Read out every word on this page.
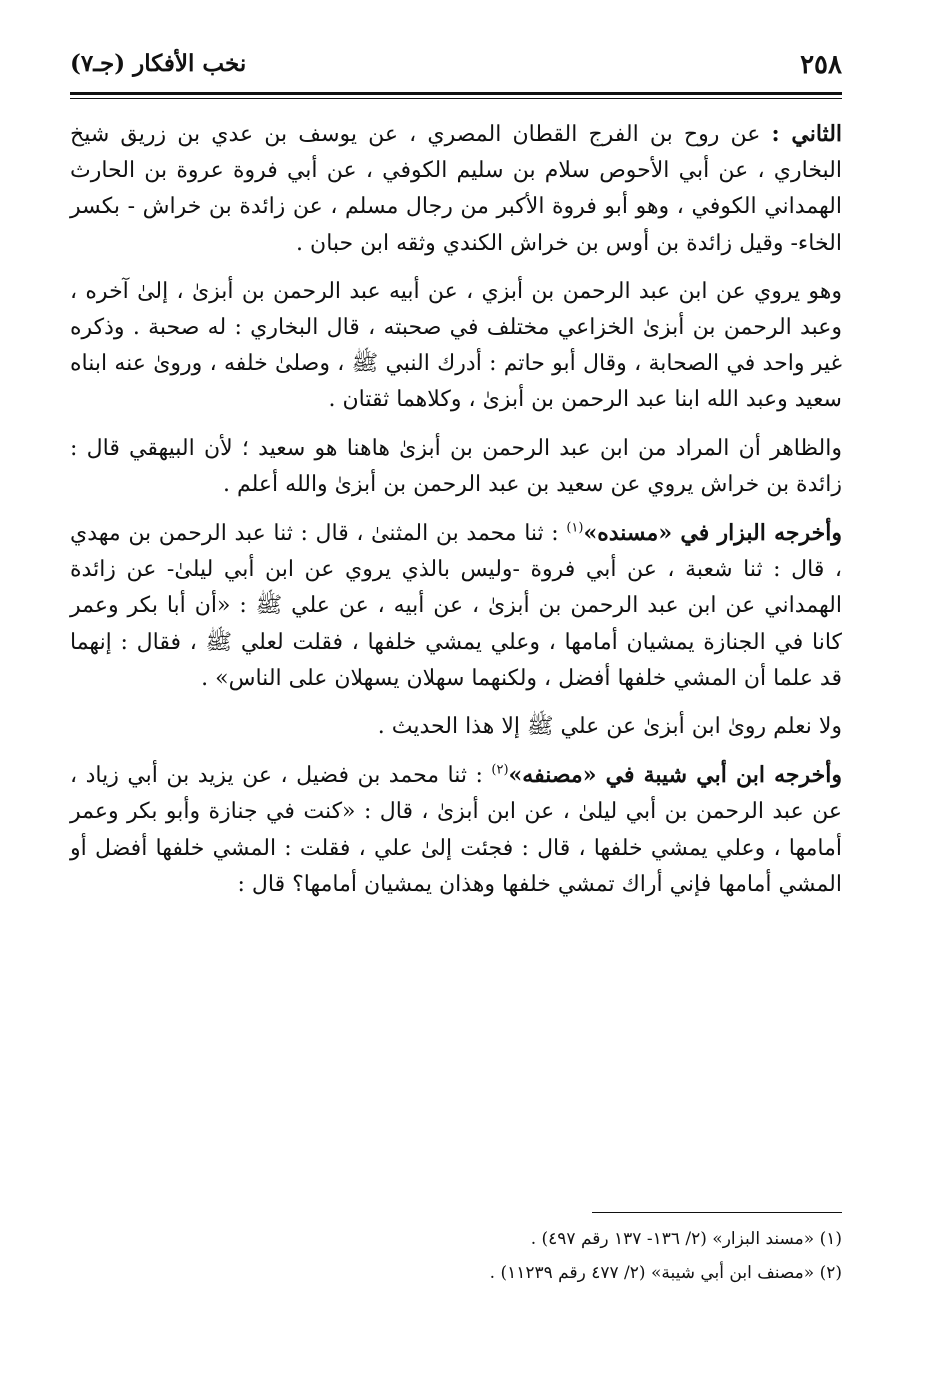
٢٥٨
نخب الأفكار (جـ٧)

الثاني : عن روح بن الفرج القطان المصري ، عن يوسف بن عدي بن زريق شيخ البخاري ، عن أبي الأحوص سلام بن سليم الكوفي ، عن أبي فروة عروة بن الحارث الهمداني الكوفي ، وهو أبو فروة الأكبر من رجال مسلم ، عن زائدة بن خراش - بكسر الخاء- وقيل زائدة بن أوس بن خراش الكندي وثقه ابن حبان .

وهو يروي عن ابن عبد الرحمن بن أبزي ، عن أبيه عبد الرحمن بن أبزىٰ ، إلىٰ آخره ، وعبد الرحمن بن أبزىٰ الخزاعي مختلف في صحبته ، قال البخاري : له صحبة . وذكره غير واحد في الصحابة ، وقال أبو حاتم : أدرك النبي ﷺ ، وصلىٰ خلفه ، وروىٰ عنه ابناه سعيد وعبد الله ابنا عبد الرحمن بن أبزىٰ ، وكلاهما ثقتان .

والظاهر أن المراد من ابن عبد الرحمن بن أبزىٰ هاهنا هو سعيد ؛ لأن البيهقي قال : زائدة بن خراش يروي عن سعيد بن عبد الرحمن بن أبزىٰ والله أعلم .

وأخرجه البزار في «مسنده»$^{(١)}$ : ثنا محمد بن المثنىٰ ، قال : ثنا عبد الرحمن بن مهدي ، قال : ثنا شعبة ، عن أبي فروة -وليس بالذي يروي عن ابن أبي ليلىٰ- عن زائدة الهمداني عن ابن عبد الرحمن بن أبزىٰ ، عن أبيه ، عن علي ﷺ : «أن أبا بكر وعمر كانا في الجنازة يمشيان أمامها ، وعلي يمشي خلفها ، فقلت لعلي ﷺ ، فقال : إنهما قد علما أن المشي خلفها أفضل ، ولكنهما سهلان يسهلان على الناس» .

ولا نعلم روىٰ ابن أبزىٰ عن علي ﷺ إلا هذا الحديث .

وأخرجه ابن أبي شيبة في «مصنفه»$^{(٢)}$ : ثنا محمد بن فضيل ، عن يزيد بن أبي زياد ، عن عبد الرحمن بن أبي ليلىٰ ، عن ابن أبزىٰ ، قال : «كنت في جنازة وأبو بكر وعمر أمامها ، وعلي يمشي خلفها ، قال : فجئت إلىٰ علي ، فقلت : المشي خلفها أفضل أو المشي أمامها فإني أراك تمشي خلفها وهذان يمشيان أمامها؟ قال :

(١) «مسند البزار» (٢/ ١٣٦- ١٣٧ رقم ٤٩٧) .

(٢) «مصنف ابن أبي شيبة» (٢/ ٤٧٧ رقم ١١٢٣٩) .
